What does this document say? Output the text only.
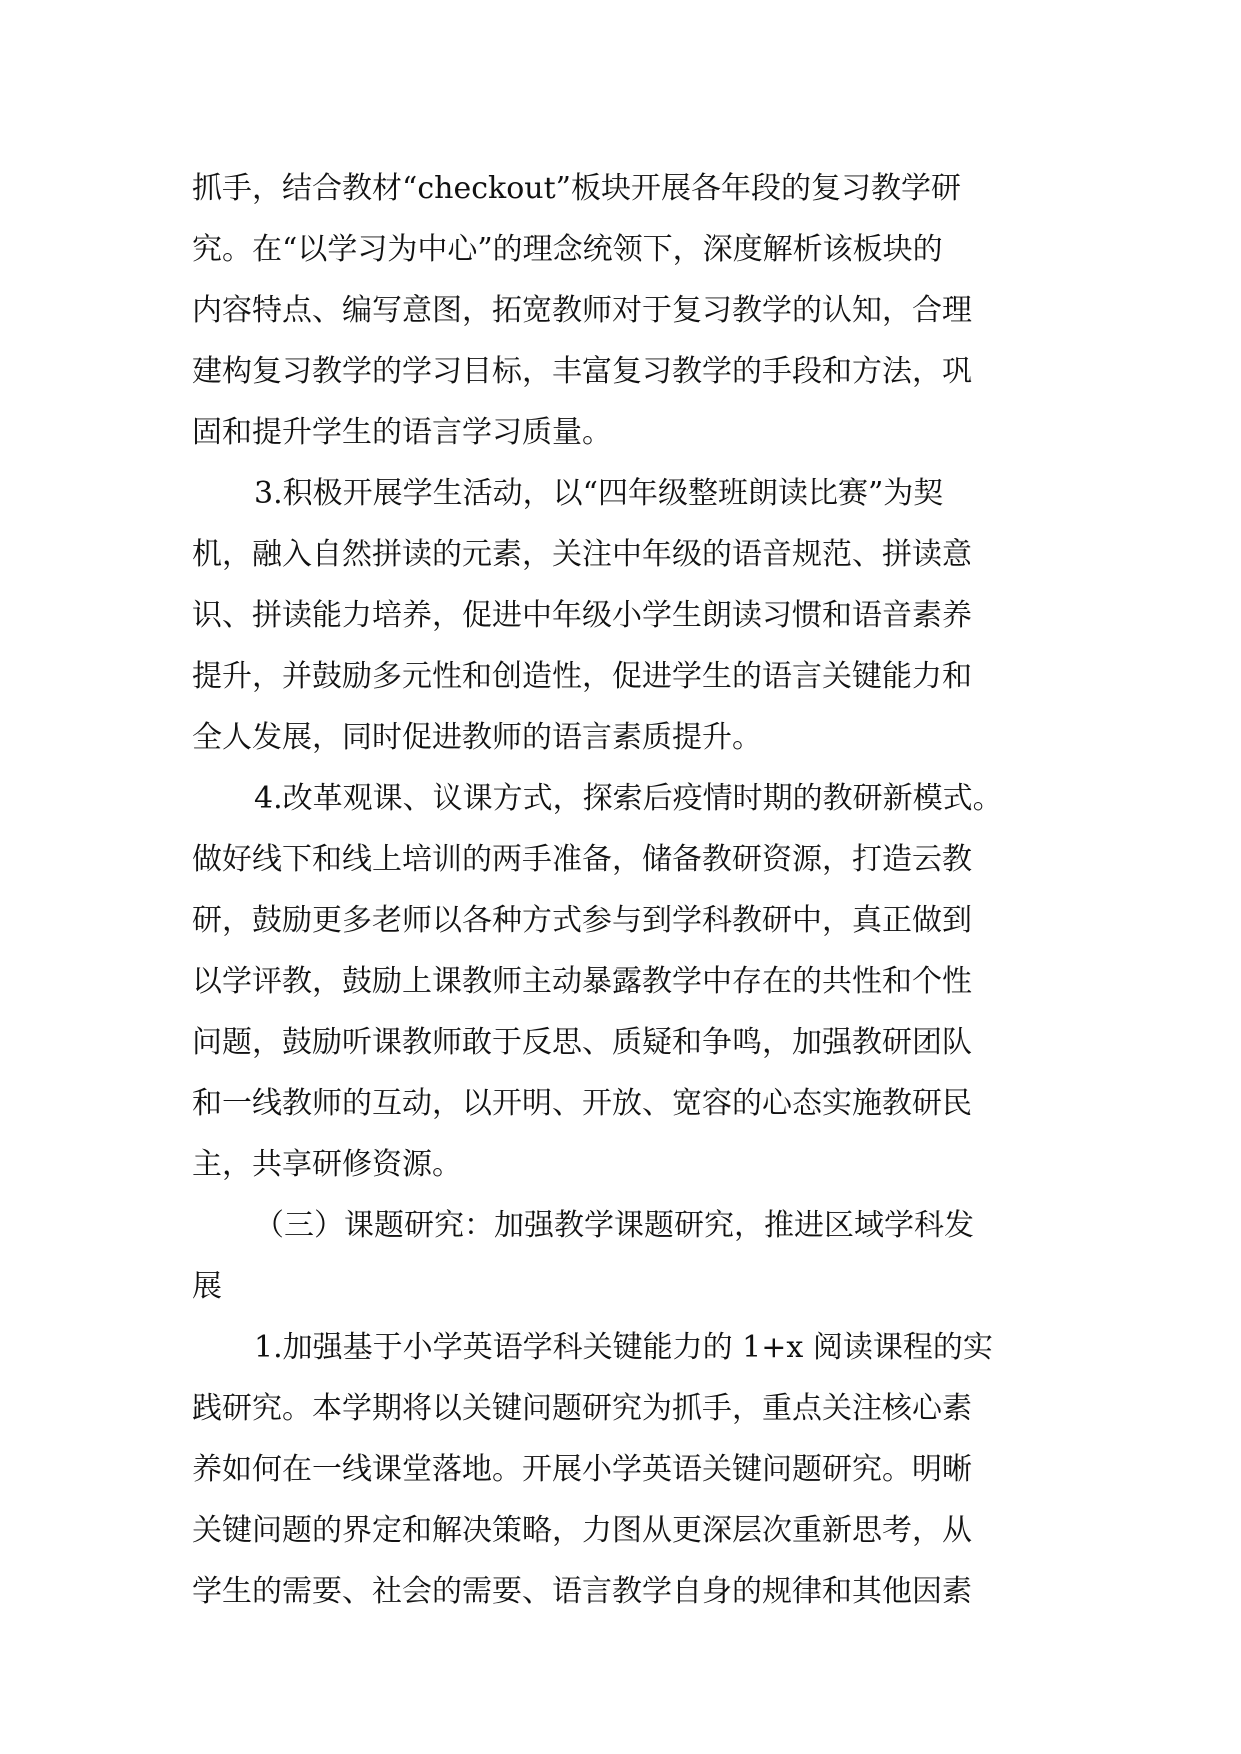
抓手，结合教材“checkout”板块开展各年段的复习教学研
究。在“以学习为中心”的理念统领下，深度解析该板块的
内容特点、编写意图，拓宽教师对于复习教学的认知，合理
建构复习教学的学习目标，丰富复习教学的手段和方法，巩
固和提升学生的语言学习质量。
3.积极开展学生活动，以“四年级整班朗读比赛”为契
机，融入自然拼读的元素，关注中年级的语音规范、拼读意
识、拼读能力培养，促进中年级小学生朗读习惯和语音素养
提升，并鼓励多元性和创造性，促进学生的语言关键能力和
全人发展，同时促进教师的语言素质提升。
4.改革观课、议课方式，探索后疫情时期的教研新模式。
做好线下和线上培训的两手准备，储备教研资源，打造云教
研，鼓励更多老师以各种方式参与到学科教研中，真正做到
以学评教，鼓励上课教师主动暴露教学中存在的共性和个性
问题，鼓励听课教师敢于反思、质疑和争鸣，加强教研团队
和一线教师的互动，以开明、开放、宽容的心态实施教研民
主，共享研修资源。
（三）课题研究：加强教学课题研究，推进区域学科发
展
1.加强基于小学英语学科关键能力的 1+x 阅读课程的实
践研究。本学期将以关键问题研究为抓手，重点关注核心素
养如何在一线课堂落地。开展小学英语关键问题研究。明晰
关键问题的界定和解决策略，力图从更深层次重新思考，从
学生的需要、社会的需要、语言教学自身的规律和其他因素
